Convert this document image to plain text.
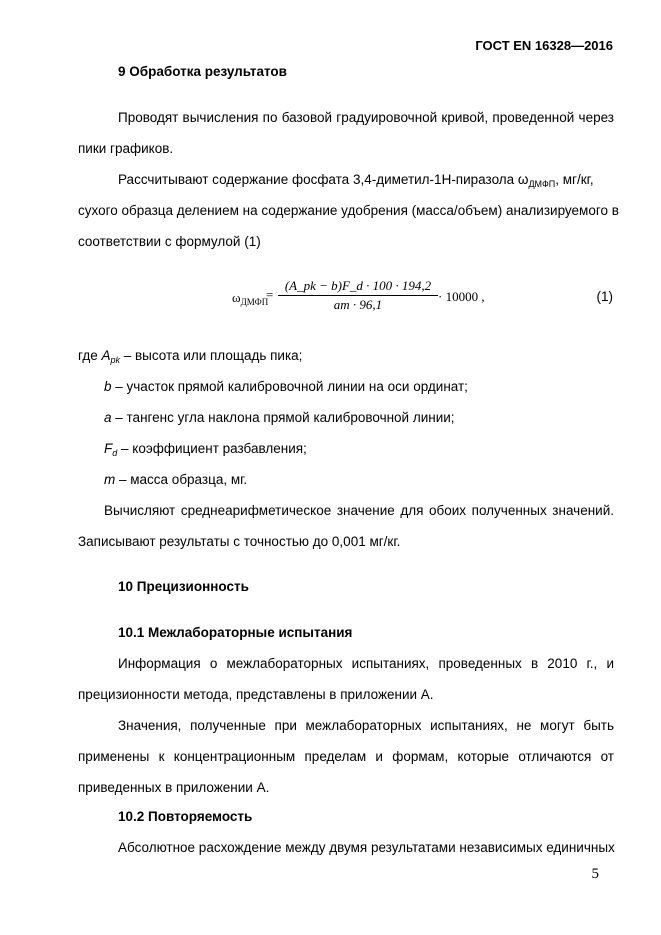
ГОСТ EN 16328—2016
9 Обработка результатов
Проводят вычисления по базовой градуировочной кривой, проведенной через
пики графиков.
Рассчитывают содержание фосфата 3,4-диметил-1Н-пиразола $\omega_{ДМФП}$, мг/кг,
сухого образца делением на содержание удобрения (масса/объем) анализируемого в
соответствии с формулой (1)
$\omega_{ДМФП}$
= $\frac{(A\_pk - b)F\_d \cdot 100 \cdot 194,2}{am \cdot 96,1} \cdot 10000$ ,	(1)
где $A_{pk}$ – высота или площадь пика;
b – участок прямой калибровочной линии на оси ординат;
a – тангенс угла наклона прямой калибровочной линии;
$F_d$ – коэффициент разбавления;
m – масса образца, мг.
Вычисляют среднеарифметическое значение для обоих полученных значений.
Записывают результаты с точностью до 0,001 мг/кг.
10 Прецизионность
10.1 Межлабораторные испытания
Информация о межлабораторных испытаниях, проведенных в 2010 г., и
прецизионности метода, представлены в приложении А.
Значения, полученные при межлабораторных испытаниях, не могут быть
применены к концентрационным пределам и формам, которые отличаются от
приведенных в приложении А.
10.2 Повторяемость
Абсолютное расхождение между двумя результатами независимых единичных
5
